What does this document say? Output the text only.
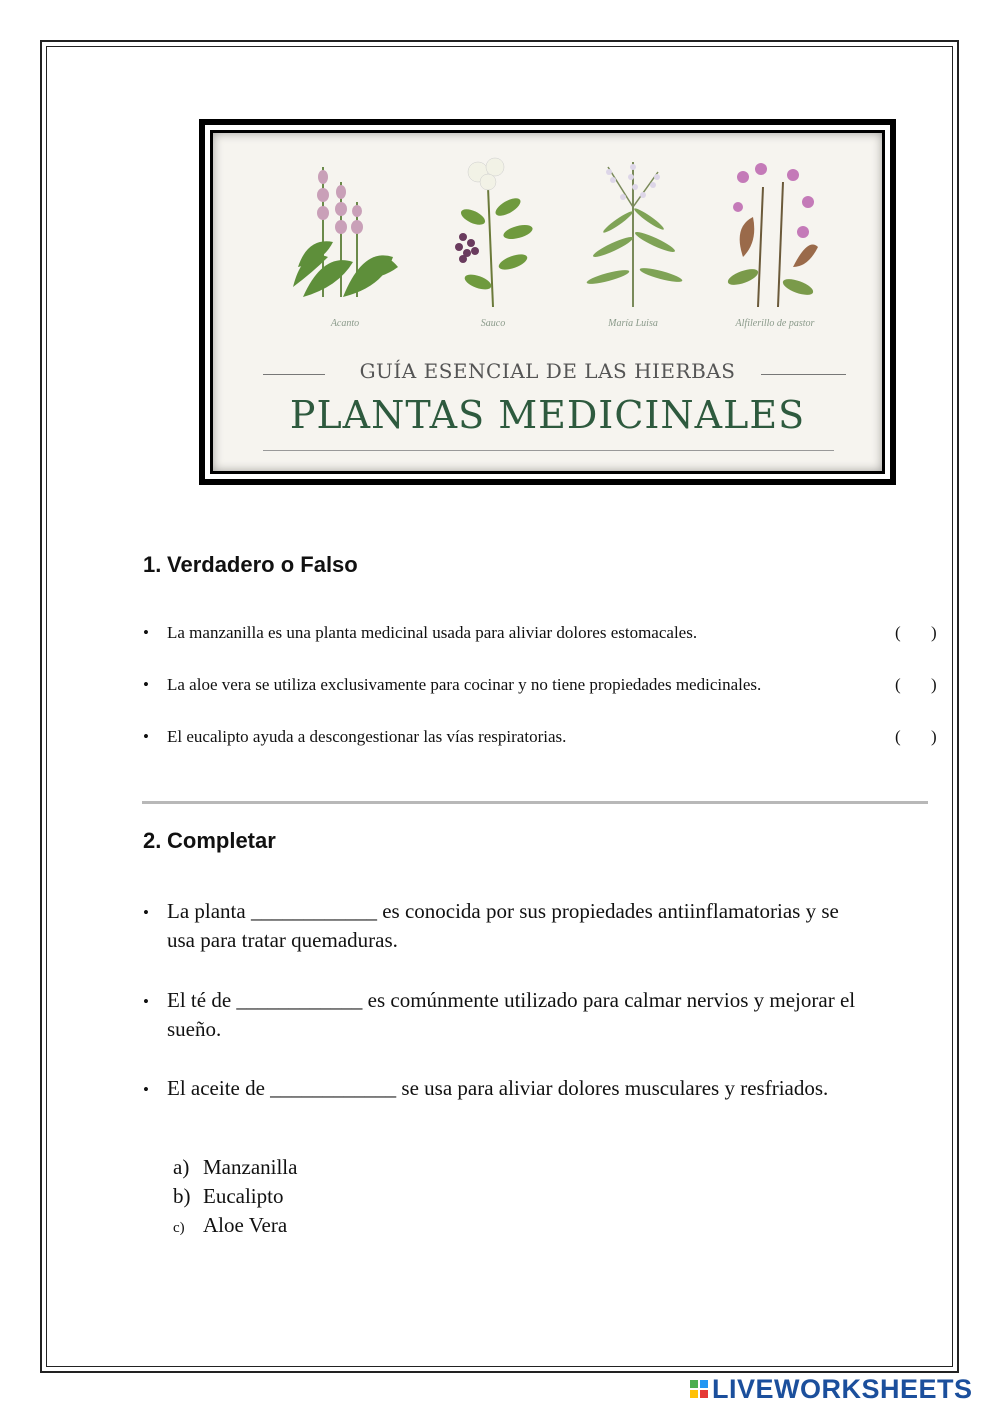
Acanto	Sauco	María Luisa	Alfilerillo de pastor
GUÍA ESENCIAL DE LAS HIERBAS
PLANTAS MEDICINALES
1. Verdadero o Falso
• La manzanilla es una planta medicinal usada para aliviar dolores estomacales.	( )
• La aloe vera se utiliza exclusivamente para cocinar y no tiene propiedades medicinales.	( )
• El eucalipto ayuda a descongestionar las vías respiratorias.	( )
2. Completar
• La planta ____________ es conocida por sus propiedades antiinflamatorias y se
usa para tratar quemaduras.
• El té de ____________ es comúnmente utilizado para calmar nervios y mejorar el
sueño.
• El aceite de ____________ se usa para aliviar dolores musculares y resfriados.
a) Manzanilla
b) Eucalipto
c) Aloe Vera
LIVEWORKSHEETS
